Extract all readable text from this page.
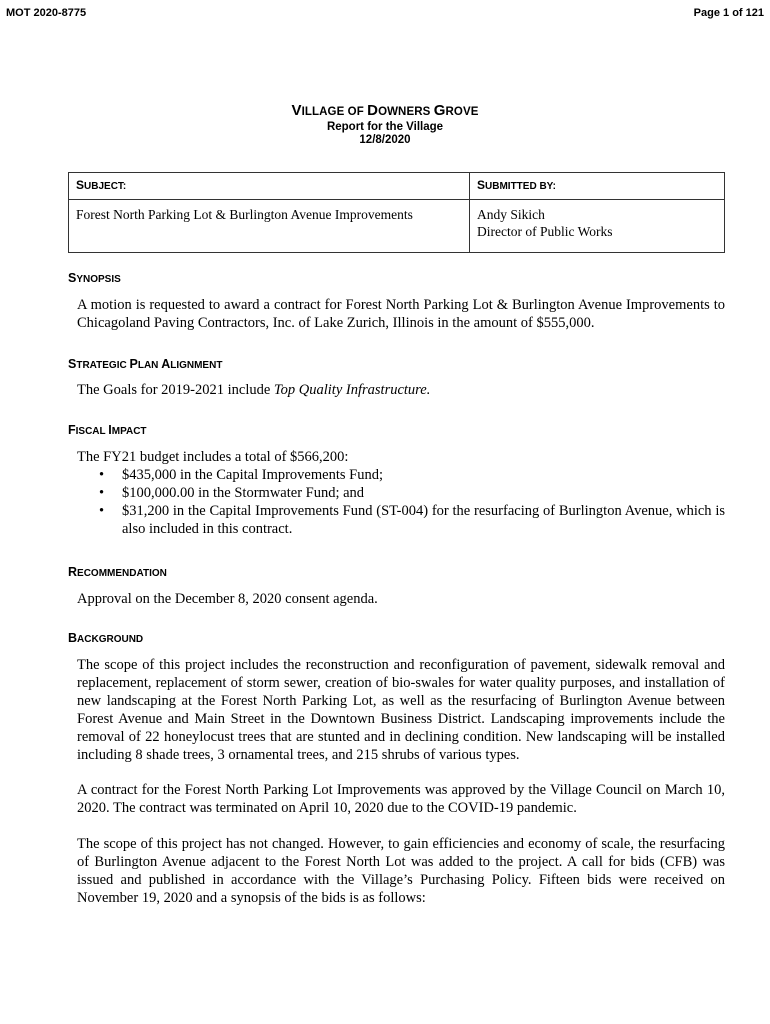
MOT 2020-8775	Page 1 of 121
VILLAGE OF DOWNERS GROVE
Report for the Village
12/8/2020
SUBJECT:	SUBMITTED BY:
Forest North Parking Lot & Burlington Avenue Improvements	Andy Sikich
Director of Public Works
SYNOPSIS
A motion is requested to award a contract for Forest North Parking Lot & Burlington Avenue Improvements to Chicagoland Paving Contractors, Inc. of Lake Zurich, Illinois in the amount of $555,000.
STRATEGIC PLAN ALIGNMENT
The Goals for 2019-2021 include Top Quality Infrastructure.
FISCAL IMPACT
The FY21 budget includes a total of $566,200:
• $435,000 in the Capital Improvements Fund;
• $100,000.00 in the Stormwater Fund; and
• $31,200 in the Capital Improvements Fund (ST-004) for the resurfacing of Burlington Avenue, which is also included in this contract.
RECOMMENDATION
Approval on the December 8, 2020 consent agenda.
BACKGROUND
The scope of this project includes the reconstruction and reconfiguration of pavement, sidewalk removal and replacement, replacement of storm sewer, creation of bio-swales for water quality purposes, and installation of new landscaping at the Forest North Parking Lot, as well as the resurfacing of Burlington Avenue between Forest Avenue and Main Street in the Downtown Business District. Landscaping improvements include the removal of 22 honeylocust trees that are stunted and in declining condition. New landscaping will be installed including 8 shade trees, 3 ornamental trees, and 215 shrubs of various types.
A contract for the Forest North Parking Lot Improvements was approved by the Village Council on March 10, 2020. The contract was terminated on April 10, 2020 due to the COVID-19 pandemic.
The scope of this project has not changed. However, to gain efficiencies and economy of scale, the resurfacing of Burlington Avenue adjacent to the Forest North Lot was added to the project. A call for bids (CFB) was issued and published in accordance with the Village’s Purchasing Policy. Fifteen bids were received on November 19, 2020 and a synopsis of the bids is as follows:
